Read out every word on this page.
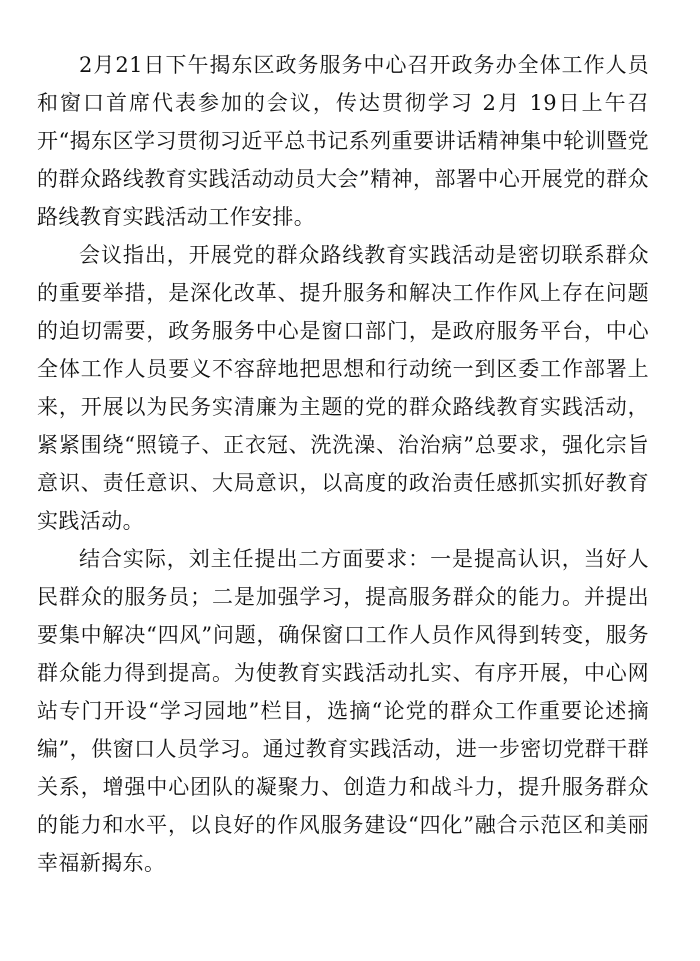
2月21日下午揭东区政务服务中心召开政务办全体工作人员和窗口首席代表参加的会议，传达贯彻学习 2月 19日上午召开“揭东区学习贯彻习近平总书记系列重要讲话精神集中轮训暨党的群众路线教育实践活动动员大会”精神，部署中心开展党的群众路线教育实践活动工作安排。

会议指出，开展党的群众路线教育实践活动是密切联系群众的重要举措，是深化改革、提升服务和解决工作作风上存在问题的迫切需要，政务服务中心是窗口部门，是政府服务平台，中心全体工作人员要义不容辞地把思想和行动统一到区委工作部署上来，开展以为民务实清廉为主题的党的群众路线教育实践活动，紧紧围绕“照镜子、正衣冠、洗洗澡、治治病”总要求，强化宗旨意识、责任意识、大局意识，以高度的政治责任感抓实抓好教育实践活动。

结合实际，刘主任提出二方面要求：一是提高认识，当好人民群众的服务员；二是加强学习，提高服务群众的能力。并提出要集中解决“四风”问题，确保窗口工作人员作风得到转变，服务群众能力得到提高。为使教育实践活动扎实、有序开展，中心网站专门开设“学习园地”栏目，选摘“论党的群众工作重要论述摘编”，供窗口人员学习。通过教育实践活动，进一步密切党群干群关系，增强中心团队的凝聚力、创造力和战斗力，提升服务群众的能力和水平，以良好的作风服务建设“四化”融合示范区和美丽幸福新揭东。
